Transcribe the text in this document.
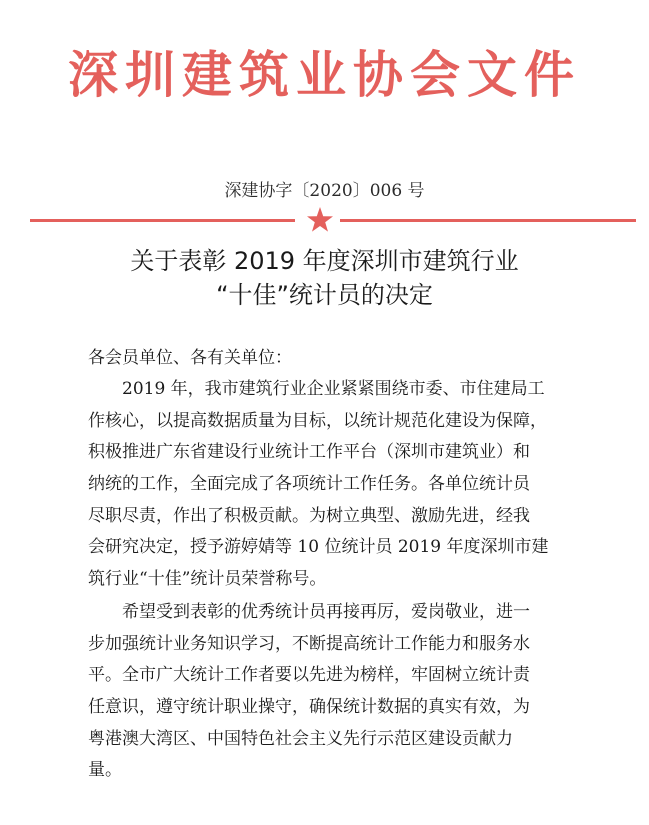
深圳建筑业协会文件
深建协字〔2020〕006 号
关于表彰 2019 年度深圳市建筑行业
“十佳”统计员的决定
各会员单位、各有关单位：
　　2019 年，我市建筑行业企业紧紧围绕市委、市住建局工
作核心，以提高数据质量为目标，以统计规范化建设为保障，
积极推进广东省建设行业统计工作平台（深圳市建筑业）和
纳统的工作，全面完成了各项统计工作任务。各单位统计员
尽职尽责，作出了积极贡献。为树立典型、激励先进，经我
会研究决定，授予游婷婧等 10 位统计员 2019 年度深圳市建
筑行业“十佳”统计员荣誉称号。
　　希望受到表彰的优秀统计员再接再厉，爱岗敬业，进一
步加强统计业务知识学习，不断提高统计工作能力和服务水
平。全市广大统计工作者要以先进为榜样，牢固树立统计责
任意识，遵守统计职业操守，确保统计数据的真实有效，为
粤港澳大湾区、中国特色社会主义先行示范区建设贡献力
量。
